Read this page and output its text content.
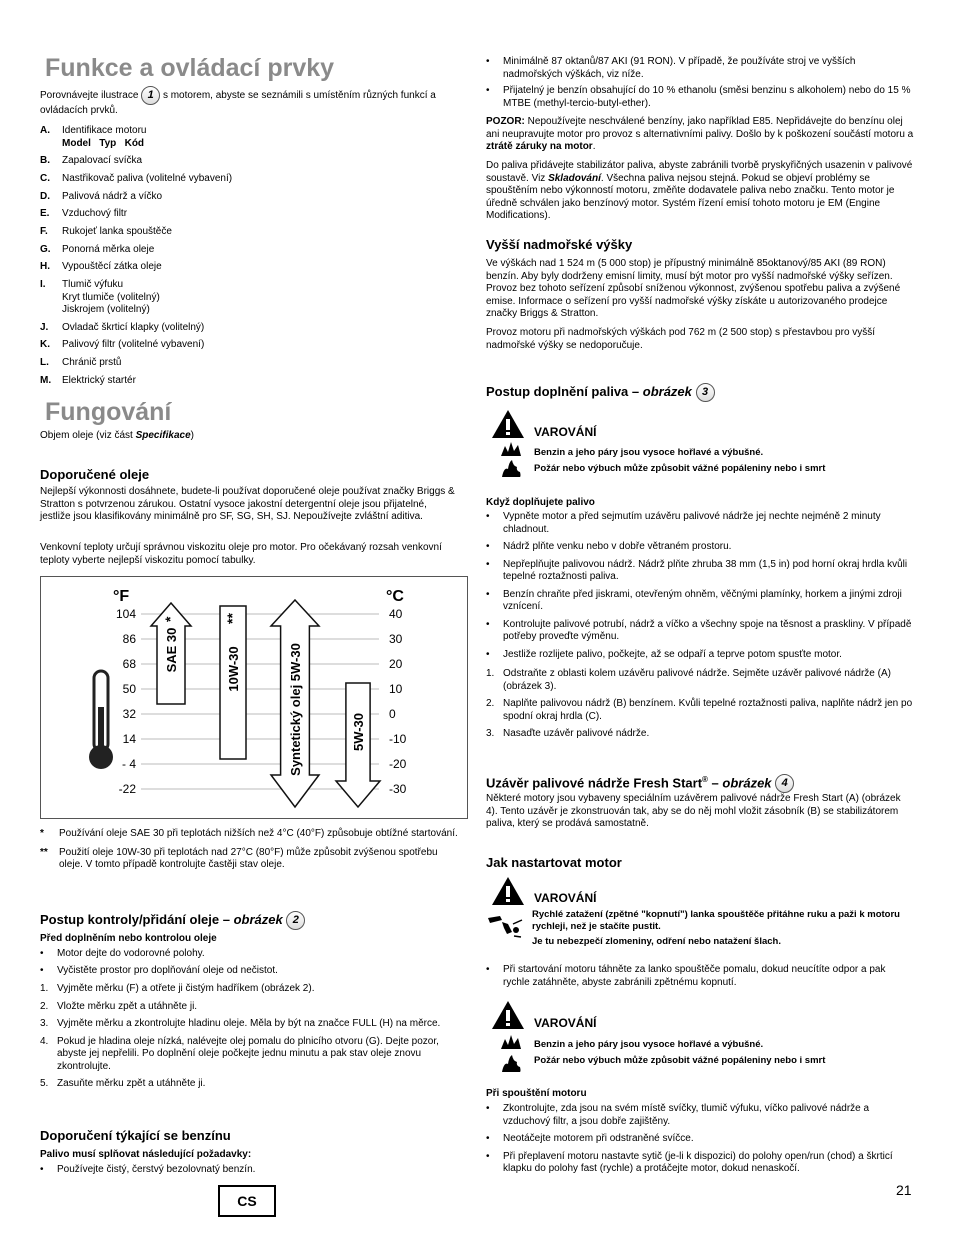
Funkce a ovládací prvky
Porovnávejte ilustrace 1 s motorem, abyste se seznámili s umístěním různých funkcí a ovládacích prvků.
A. Identifikace motoru
Model   Typ   Kód
B. Zapalovací svíčka
C. Nastřikovač paliva (volitelné vybavení)
D. Palivová nádrž a víčko
E. Vzduchový filtr
F. Rukojeť lanka spouštěče
G. Ponorná měrka oleje
H. Vypouštěcí zátka oleje
I. Tlumič výfuku
Kryt tlumiče (volitelný)
Jiskrojem (volitelný)
J. Ovladač škrticí klapky (volitelný)
K. Palivový filtr (volitelné vybavení)
L. Chránič prstů
M. Elektrický startér
Fungování
Objem oleje (viz část Specifikace)
Doporučené oleje
Nejlepší výkonnosti dosáhnete, budete-li používat doporučené oleje používat značky Briggs & Stratton s potvrzenou zárukou. Ostatní vysoce jakostní detergentní oleje jsou přijatelné, jestliže jsou klasifikovány minimálně pro SF, SG, SH, SJ. Nepoužívejte zvláštní aditiva.
Venkovní teploty určují správnou viskozitu oleje pro motor. Pro očekávaný rozsah venkovní teploty vyberte nejlepší viskozitu pomocí tabulky.
°F	°C
104
86
68
50
32
14
- 4
-22
40
30
20
10
0
-10
-20
-30
SAE 30
*
10W-30
**
Syntetický olej 5W-30	5W-30
* Používání oleje SAE 30 při teplotách nižších než 4°C (40°F) způsobuje obtížné startování.
** Použití oleje 10W-30 při teplotách nad 27°C (80°F) může způsobit zvýšenou spotřebu oleje. V tomto případě kontrolujte častěji stav oleje.
Postup kontroly/přidání oleje – obrázek 2
Před doplněním nebo kontrolou oleje
• Motor dejte do vodorovné polohy.
• Vyčistěte prostor pro doplňování oleje od nečistot.
1. Vyjměte měrku (F) a otřete ji čistým hadříkem (obrázek 2).
2. Vložte měrku zpět a utáhněte ji.
3. Vyjměte měrku a zkontrolujte hladinu oleje. Měla by být na značce FULL (H) na měrce.
4. Pokud je hladina oleje nízká, nalévejte olej pomalu do plnicího otvoru (G). Dejte pozor, abyste jej nepřelili. Po doplnění oleje počkejte jednu minutu a pak stav oleje znovu zkontrolujte.
5. Zasuňte měrku zpět a utáhněte ji.
Doporučení týkající se benzínu
Palivo musí splňovat následující požadavky:
• Používejte čistý, čerstvý bezolovnatý benzín.
CS
• Minimálně 87 oktanů/87 AKI (91 RON). V případě, že používáte stroj ve vyšších nadmořských výškách, viz níže.
• Přijatelný je benzín obsahující do 10 % ethanolu (směsi benzinu s alkoholem) nebo do 15 % MTBE (methyl-tercio-butyl-ether).
POZOR: Nepoužívejte neschválené benzíny, jako například E85. Nepřidávejte do benzínu olej ani neupravujte motor pro provoz s alternativními palivy. Došlo by k poškození součástí motoru a ztrátě záruky na motor.
Do paliva přidávejte stabilizátor paliva, abyste zabránili tvorbě pryskyřičných usazenin v palivové soustavě. Viz Skladování. Všechna paliva nejsou stejná. Pokud se objeví problémy se spouštěním nebo výkonností motoru, změňte dodavatele paliva nebo značku. Tento motor je úředně schválen jako benzínový motor. Systém řízení emisí tohoto motoru je EM (Engine Modifications).
Vyšší nadmořské výšky
Ve výškách nad 1 524 m (5 000 stop) je přípustný minimálně 85oktanový/85 AKI (89 RON) benzín. Aby byly dodrženy emisní limity, musí být motor pro vyšší nadmořské výšky seřízen. Provoz bez tohoto seřízení způsobí sníženou výkonnost, zvýšenou spotřebu paliva a zvýšené emise. Informace o seřízení pro vyšší nadmořské výšky získáte u autorizovaného prodejce značky Briggs & Stratton.
Provoz motoru při nadmořských výškách pod 762 m (2 500 stop) s přestavbou pro vyšší nadmořské výšky se nedoporučuje.
Postup doplnění paliva – obrázek 3
VAROVÁNÍ
Benzin a jeho páry jsou vysoce hořlavé a výbušné.
Požár nebo výbuch může způsobit vážné popáleniny nebo i smrt
Když doplňujete palivo
• Vypněte motor a před sejmutím uzávěru palivové nádrže jej nechte nejméně 2 minuty chladnout.
• Nádrž plňte venku nebo v dobře větraném prostoru.
• Nepřeplňujte palivovou nádrž. Nádrž plňte zhruba 38 mm (1,5 in) pod horní okraj hrdla kvůli tepelné roztažnosti paliva.
• Benzín chraňte před jiskrami, otevřeným ohněm, věčnými plamínky, horkem a jinými zdroji vznícení.
• Kontrolujte palivové potrubí, nádrž a víčko a všechny spoje na těsnost a praskliny. V případě potřeby proveďte výměnu.
• Jestliže rozlijete palivo, počkejte, až se odpaří a teprve potom spusťte motor.
1. Odstraňte z oblasti kolem uzávěru palivové nádrže. Sejměte uzávěr palivové nádrže (A) (obrázek 3).
2. Naplňte palivovou nádrž (B) benzínem. Kvůli tepelné roztažnosti paliva, naplňte nádrž jen po spodní okraj hrdla (C).
3. Nasaďte uzávěr palivové nádrže.
Uzávěr palivové nádrže Fresh Start® – obrázek 4
Některé motory jsou vybaveny speciálním uzávěrem palivové nádrže Fresh Start (A) (obrázek 4). Tento uzávěr je zkonstruován tak, aby se do něj mohl vložit zásobník (B) se stabilizátorem paliva, který se prodává samostatně.
Jak nastartovat motor
VAROVÁNÍ
Rychlé zatažení (zpětné "kopnutí") lanka spouštěče přitáhne ruku a paži k motoru rychleji, než je stačíte pustit.
Je tu nebezpečí zlomeniny, odření nebo natažení šlach.
• Při startování motoru táhněte za lanko spouštěče pomalu, dokud neucítíte odpor a pak rychle zatáhněte, abyste zabránili zpětnému kopnutí.
VAROVÁNÍ
Benzin a jeho páry jsou vysoce hořlavé a výbušné.
Požár nebo výbuch může způsobit vážné popáleniny nebo i smrt
Při spouštění motoru
• Zkontrolujte, zda jsou na svém místě svíčky, tlumič výfuku, víčko palivové nádrže a vzduchový filtr, a jsou dobře zajištěny.
• Neotáčejte motorem při odstraněné svíčce.
• Při přeplavení motoru nastavte sytič (je-li k dispozici) do polohy open/run (chod) a škrticí klapku do polohy fast (rychle) a protáčejte motor, dokud nenaskočí.
21
